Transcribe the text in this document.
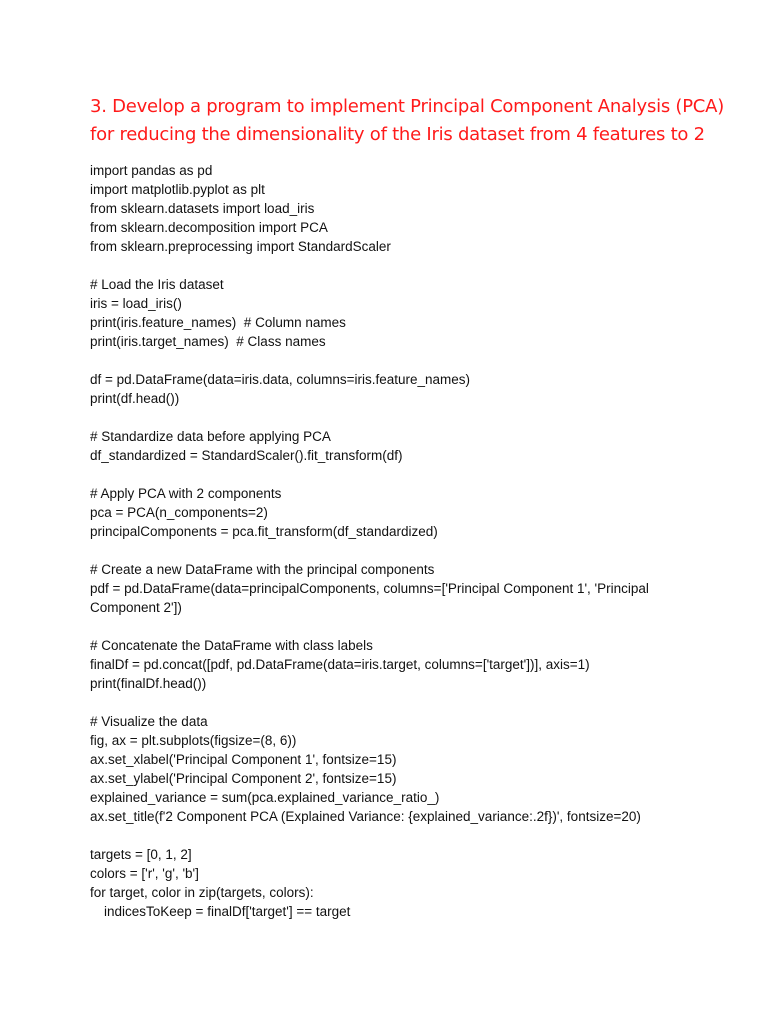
3. Develop a program to implement Principal Component Analysis (PCA)
for reducing the dimensionality of the Iris dataset from 4 features to 2
import pandas as pd
import matplotlib.pyplot as plt
from sklearn.datasets import load_iris
from sklearn.decomposition import PCA
from sklearn.preprocessing import StandardScaler
# Load the Iris dataset
iris = load_iris()
print(iris.feature_names)  # Column names
print(iris.target_names)  # Class names
df = pd.DataFrame(data=iris.data, columns=iris.feature_names)
print(df.head())
# Standardize data before applying PCA
df_standardized = StandardScaler().fit_transform(df)
# Apply PCA with 2 components
pca = PCA(n_components=2)
principalComponents = pca.fit_transform(df_standardized)
# Create a new DataFrame with the principal components
pdf = pd.DataFrame(data=principalComponents, columns=['Principal Component 1', 'Principal
Component 2'])
# Concatenate the DataFrame with class labels
finalDf = pd.concat([pdf, pd.DataFrame(data=iris.target, columns=['target'])], axis=1)
print(finalDf.head())
# Visualize the data
fig, ax = plt.subplots(figsize=(8, 6))
ax.set_xlabel('Principal Component 1', fontsize=15)
ax.set_ylabel('Principal Component 2', fontsize=15)
explained_variance = sum(pca.explained_variance_ratio_)
ax.set_title(f'2 Component PCA (Explained Variance: {explained_variance:.2f})', fontsize=20)
targets = [0, 1, 2]
colors = ['r', 'g', 'b']
for target, color in zip(targets, colors):
indicesToKeep = finalDf['target'] == target
